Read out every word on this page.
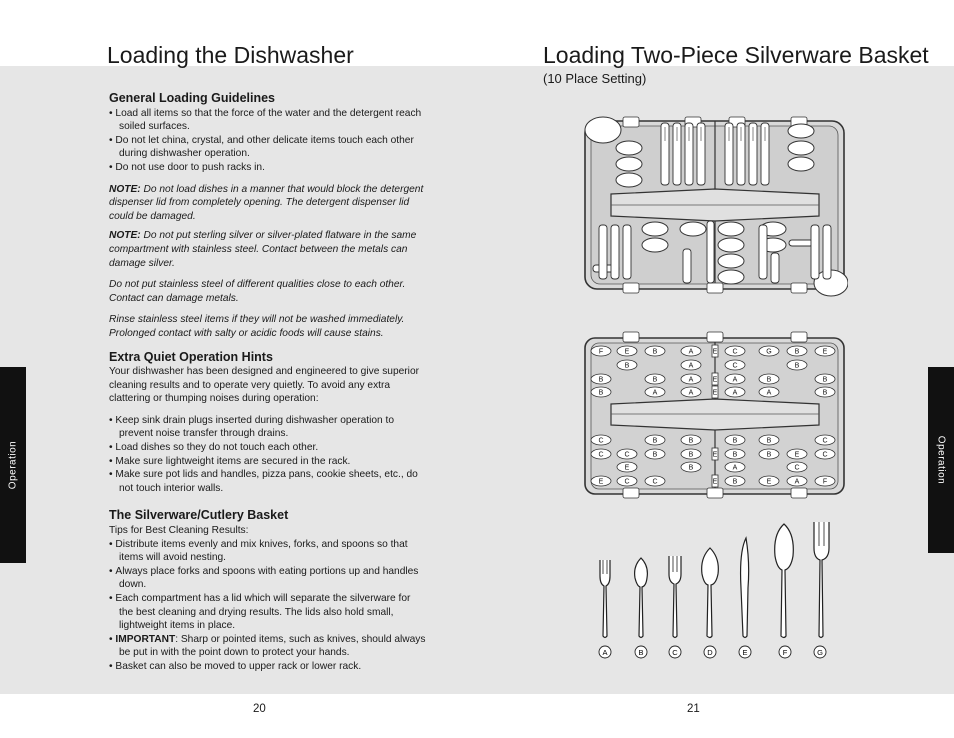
Loading the Dishwasher
Operation
General Loading Guidelines
• Load all items so that the force of the water and the detergent reach soiled surfaces.
• Do not let china, crystal, and other delicate items touch each other during dishwasher operation.
• Do not use door to push racks in.

NOTE: Do not load dishes in a manner that would block the detergent dispenser lid from completely opening. The detergent dispenser lid could be damaged.

NOTE: Do not put sterling silver or silver-plated flatware in the same compartment with stainless steel. Contact between the metals can damage silver.

Do not put stainless steel of different qualities close to each other. Contact can damage metals.

Rinse stainless steel items if they will not be washed immediately. Prolonged contact with salty or acidic foods will cause stains.

Extra Quiet Operation Hints

Your dishwasher has been designed and engineered to give superior cleaning results and to operate very quietly. To avoid any extra clattering or thumping noises during operation:

• Keep sink drain plugs inserted during dishwasher operation to prevent noise transfer through drains.
• Load dishes so they do not touch each other.
• Make sure lightweight items are secured in the rack.
• Make sure pot lids and handles, pizza pans, cookie sheets, etc., do not touch interior walls.
The Silverware/Cutlery Basket

Tips for Best Cleaning Results:

• Distribute items evenly and mix knives, forks, and spoons so that items will avoid nesting.
• Always place forks and spoons with eating portions up and handles down.
• Each compartment has a lid which will separate the silverware for the best cleaning and drying results. The lids also hold small, lightweight items in place.
• IMPORTANT: Sharp or pointed items, such as knives, should always be put in with the point down to protect your hands.
• Basket can also be moved to upper rack or lower rack.
20
Loading Two-Piece Silverware Basket
(10 Place Setting)
Operation
F	E	B	A	E C	G	B	E
B	A	C	B
B	B	A	E A	B	B
B	A	A	E A	A	B
C	B	B	B	B	C
C	C	B	B	E B	B	E	C
E	B	A	C
E	C	C	E B	E	A	F
A	B	C	D	E	F	G
21
